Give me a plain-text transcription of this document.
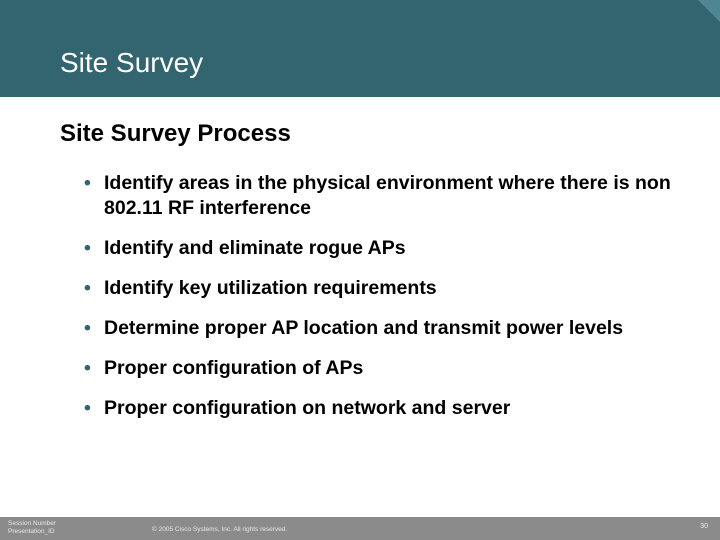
Site Survey
Site Survey Process
• Identify areas in the physical environment where there is non 802.11 RF interference
• Identify and eliminate rogue APs
• Identify key utilization requirements
• Determine proper AP location and transmit power levels
• Proper configuration of APs
• Proper configuration on network and server
Session Number
Presentation_ID	© 2005 Cisco Systems, Inc. All rights reserved.	30
